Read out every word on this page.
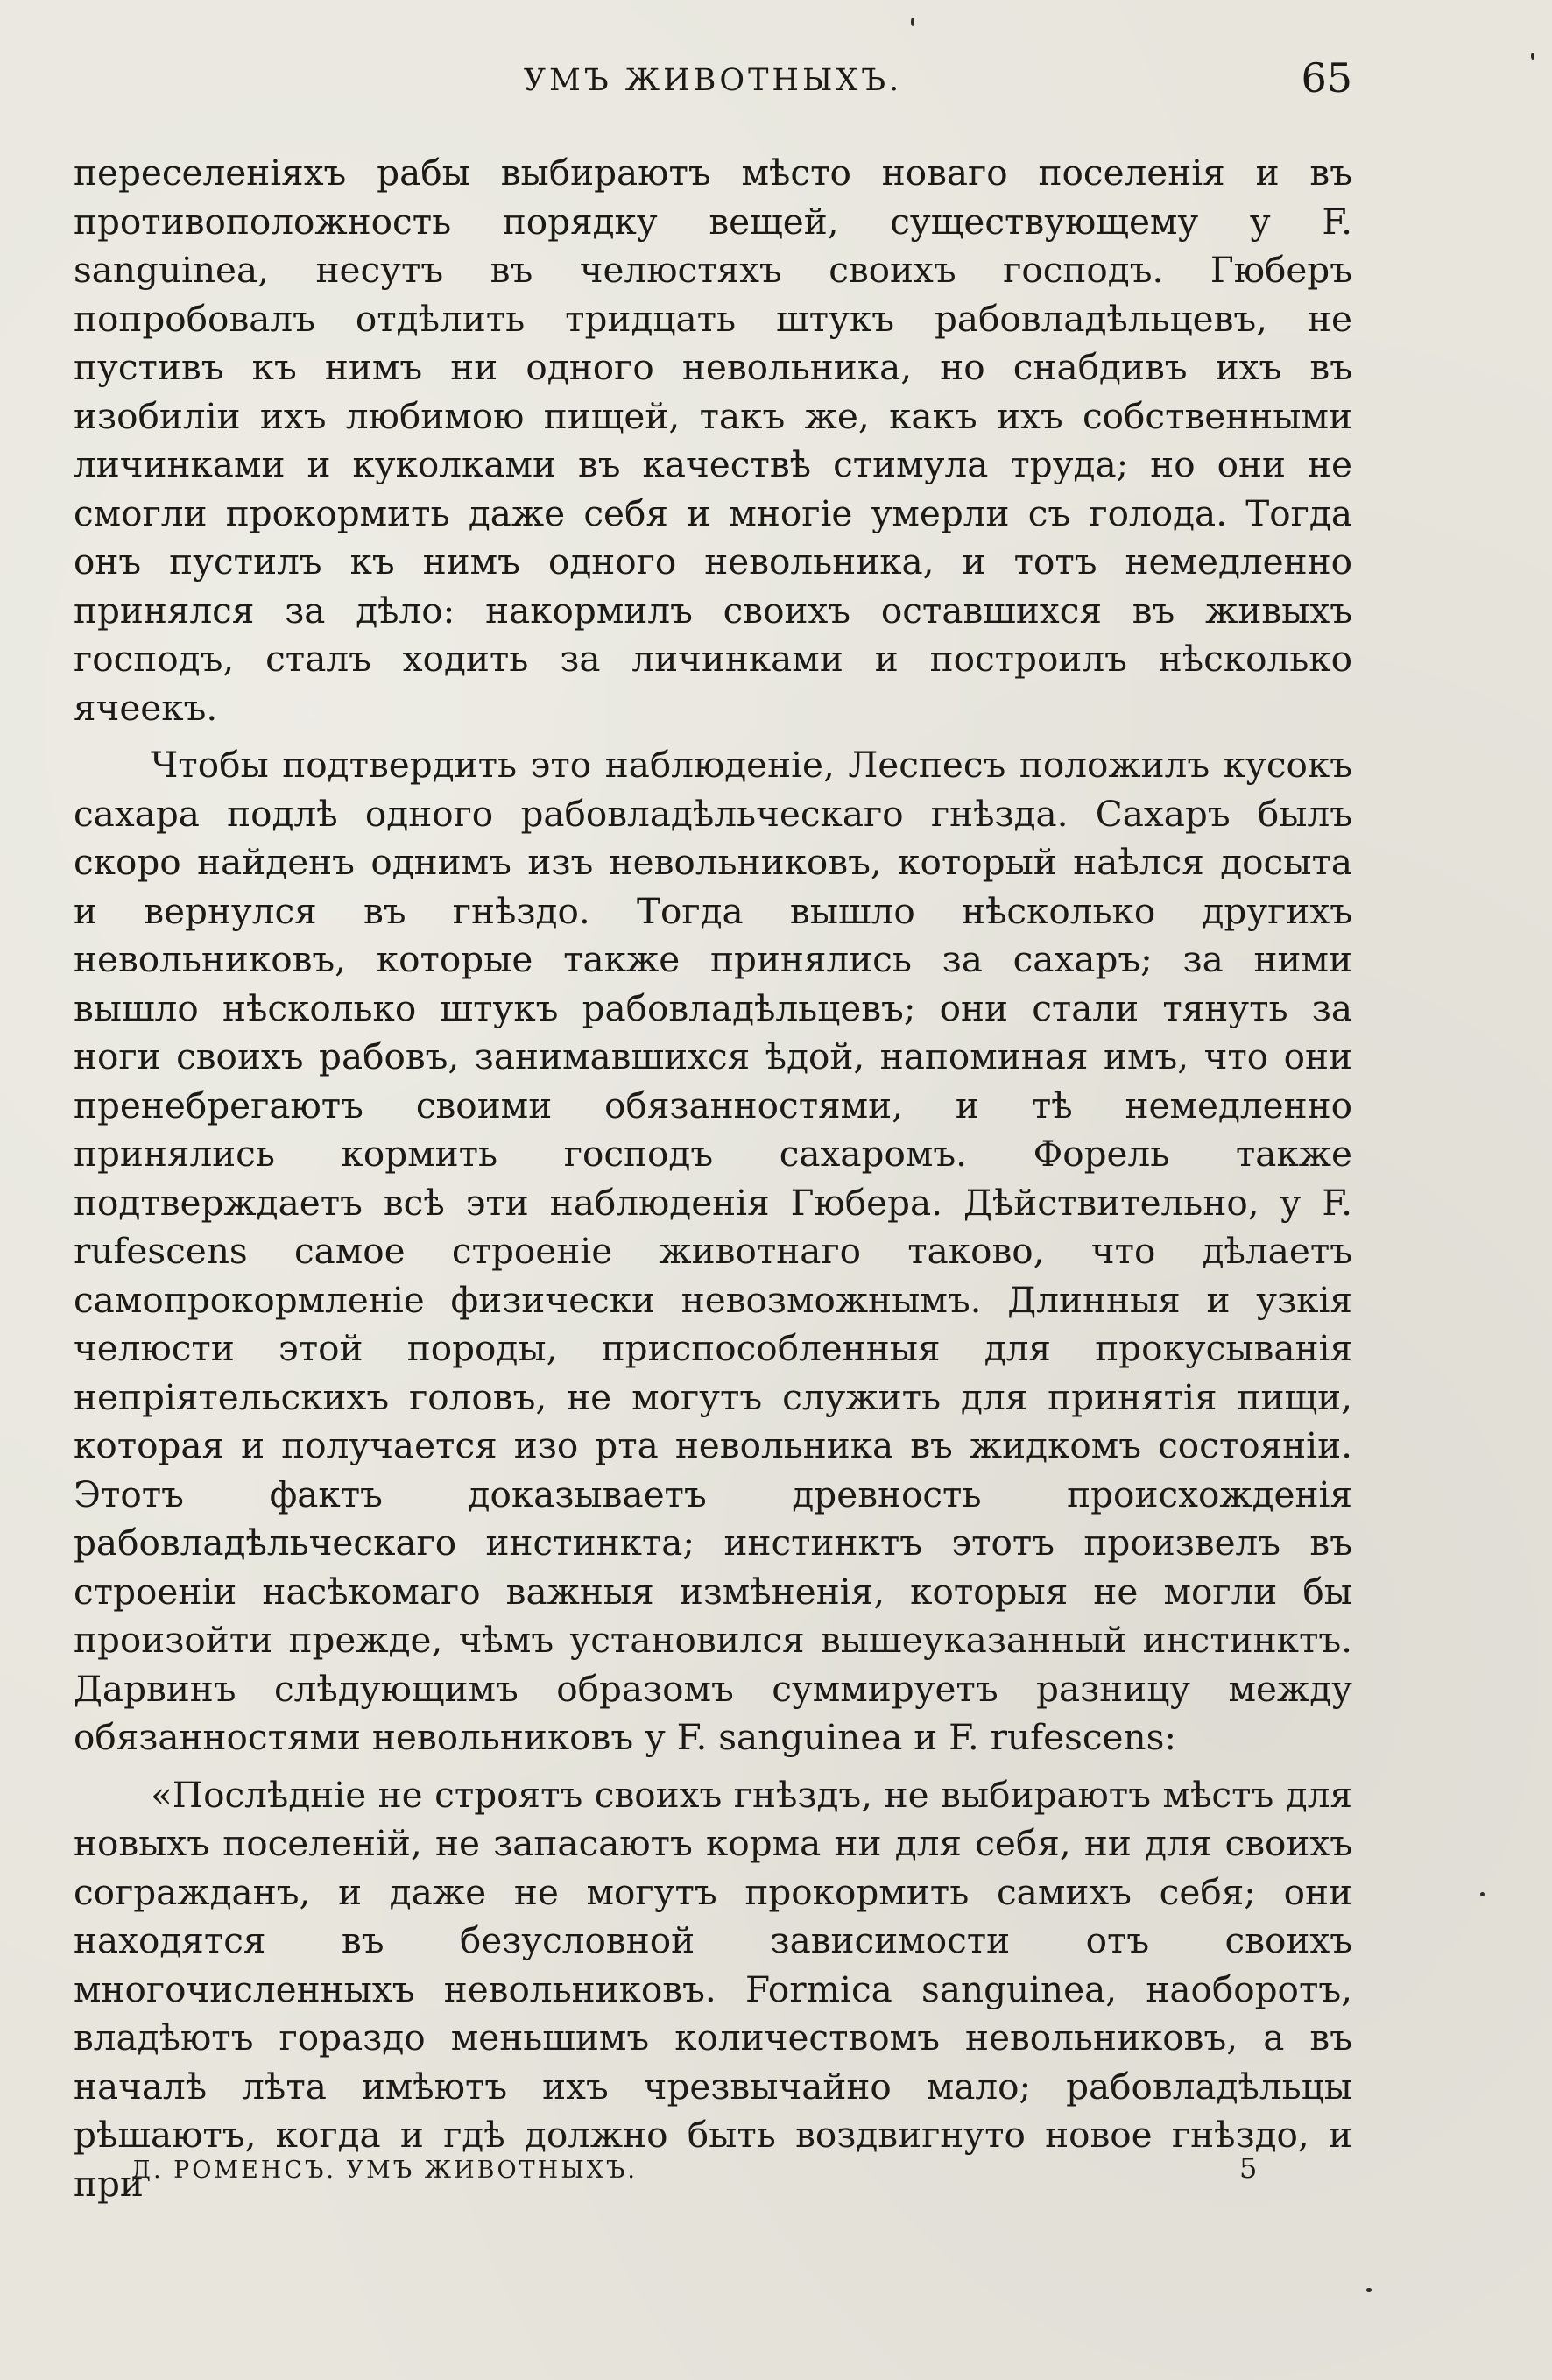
УМЪ ЖИВОТНЫХЪ.	65

переселеніяхъ рабы выбираютъ мѣсто новаго поселенія и въ противоположность порядку вещей, существующему у F. sanguinea, несутъ въ челюстяхъ своихъ господъ. Гюберъ попробовалъ отдѣлить тридцать штукъ рабовладѣльцевъ, не пустивъ къ нимъ ни одного невольника, но снабдивъ ихъ въ изобиліи ихъ любимою пищей, такъ же, какъ ихъ собственными личинками и куколками въ качествѣ стимула труда; но они не смогли прокормить даже себя и многіе умерли съ голода. Тогда онъ пустилъ къ нимъ одного невольника, и тотъ немедленно принялся за дѣло: накормилъ своихъ оставшихся въ живыхъ господъ, сталъ ходить за личинками и построилъ нѣсколько ячеекъ.

Чтобы подтвердить это наблюденіе, Леспесъ положилъ кусокъ сахара подлѣ одного рабовладѣльческаго гнѣзда. Сахаръ былъ скоро найденъ однимъ изъ невольниковъ, который наѣлся досыта и вернулся въ гнѣздо. Тогда вышло нѣсколько другихъ невольниковъ, которые также принялись за сахаръ; за ними вышло нѣсколько штукъ рабовладѣльцевъ; они стали тянуть за ноги своихъ рабовъ, занимавшихся ѣдой, напоминая имъ, что они пренебрегаютъ своими обязанностями, и тѣ немедленно принялись кормить господъ сахаромъ. Форель также подтверждаетъ всѣ эти наблюденія Гюбера. Дѣйствительно, у F. rufescens самое строеніе животнаго таково, что дѣлаетъ самопрокормленіе физически невозможнымъ. Длинныя и узкія челюсти этой породы, приспособленныя для прокусыванія непріятельскихъ головъ, не могутъ служить для принятія пищи, которая и получается изо рта невольника въ жидкомъ состояніи. Этотъ фактъ доказываетъ древность происхожденія рабовладѣльческаго инстинкта; инстинктъ этотъ произвелъ въ строеніи насѣкомаго важныя измѣненія, которыя не могли бы произойти прежде, чѣмъ установился вышеуказанный инстинктъ. Дарвинъ слѣдующимъ образомъ суммируетъ разницу между обязанностями невольниковъ у F. sanguinea и F. rufescens:

«Послѣдніе не строятъ своихъ гнѣздъ, не выбираютъ мѣстъ для новыхъ поселеній, не запасаютъ корма ни для себя, ни для своихъ согражданъ, и даже не могутъ прокормить самихъ себя; они находятся въ безусловной зависимости отъ своихъ многочисленныхъ невольниковъ. Formica sanguinea, наоборотъ, владѣютъ гораздо меньшимъ количествомъ невольниковъ, а въ началѣ лѣта имѣютъ ихъ чрезвычайно мало; рабовладѣльцы рѣшаютъ, когда и гдѣ должно быть воздвигнуто новое гнѣздо, и при

Д. РОМЕНСЪ. УМЪ ЖИВОТНЫХЪ.	5
